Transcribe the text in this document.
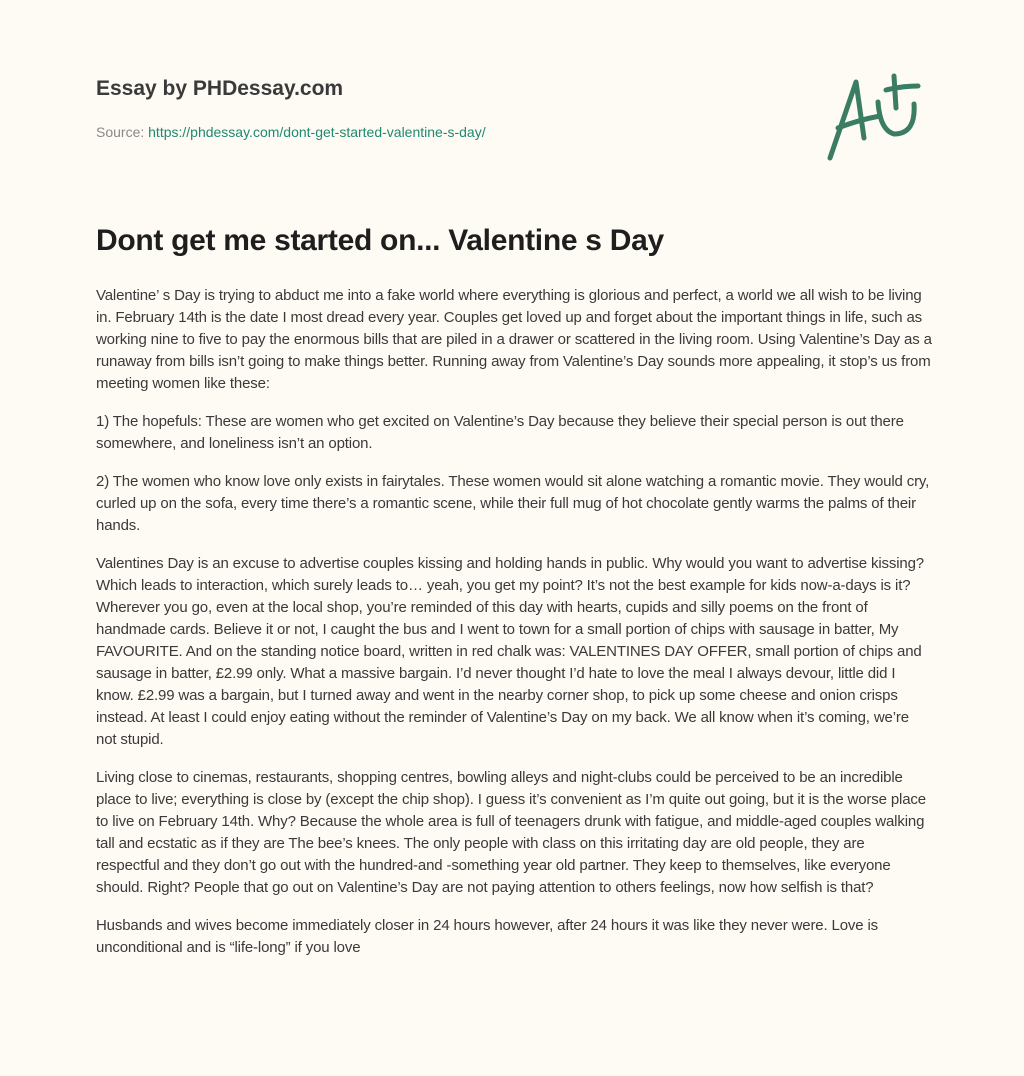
Essay by PHDessay.com
Source: https://phdessay.com/dont-get-started-valentine-s-day/
Dont get me started on... Valentine s Day

Valentine’ s Day is trying to abduct me into a fake world where everything is glorious and perfect, a world we all wish to be living in. February 14th is the date I most dread every year. Couples get loved up and forget about the important things in life, such as working nine to five to pay the enormous bills that are piled in a drawer or scattered in the living room. Using Valentine’s Day as a runaway from bills isn’t going to make things better. Running away from Valentine’s Day sounds more appealing, it stop’s us from meeting women like these:

1) The hopefuls: These are women who get excited on Valentine’s Day because they believe their special person is out there somewhere, and loneliness isn’t an option.

2) The women who know love only exists in fairytales. These women would sit alone watching a romantic movie. They would cry, curled up on the sofa, every time there’s a romantic scene, while their full mug of hot chocolate gently warms the palms of their hands.

Valentines Day is an excuse to advertise couples kissing and holding hands in public. Why would you want to advertise kissing? Which leads to interaction, which surely leads to… yeah, you get my point? It’s not the best example for kids now-a-days is it? Wherever you go, even at the local shop, you’re reminded of this day with hearts, cupids and silly poems on the front of handmade cards. Believe it or not, I caught the bus and I went to town for a small portion of chips with sausage in batter, My FAVOURITE. And on the standing notice board, written in red chalk was: VALENTINES DAY OFFER, small portion of chips and sausage in batter, £2.99 only. What a massive bargain. I’d never thought I’d hate to love the meal I always devour, little did I know. £2.99 was a bargain, but I turned away and went in the nearby corner shop, to pick up some cheese and onion crisps instead. At least I could enjoy eating without the reminder of Valentine’s Day on my back. We all know when it’s coming, we’re not stupid.

Living close to cinemas, restaurants, shopping centres, bowling alleys and night-clubs could be perceived to be an incredible place to live; everything is close by (except the chip shop). I guess it’s convenient as I’m quite out going, but it is the worse place to live on February 14th. Why? Because the whole area is full of teenagers drunk with fatigue, and middle-aged couples walking tall and ecstatic as if they are The bee’s knees. The only people with class on this irritating day are old people, they are respectful and they don’t go out with the hundred-and -something year old partner. They keep to themselves, like everyone should. Right? People that go out on Valentine’s Day are not paying attention to others feelings, now how selfish is that?

Husbands and wives become immediately closer in 24 hours however, after 24 hours it was like they never were. Love is unconditional and is “life-long” if you love
